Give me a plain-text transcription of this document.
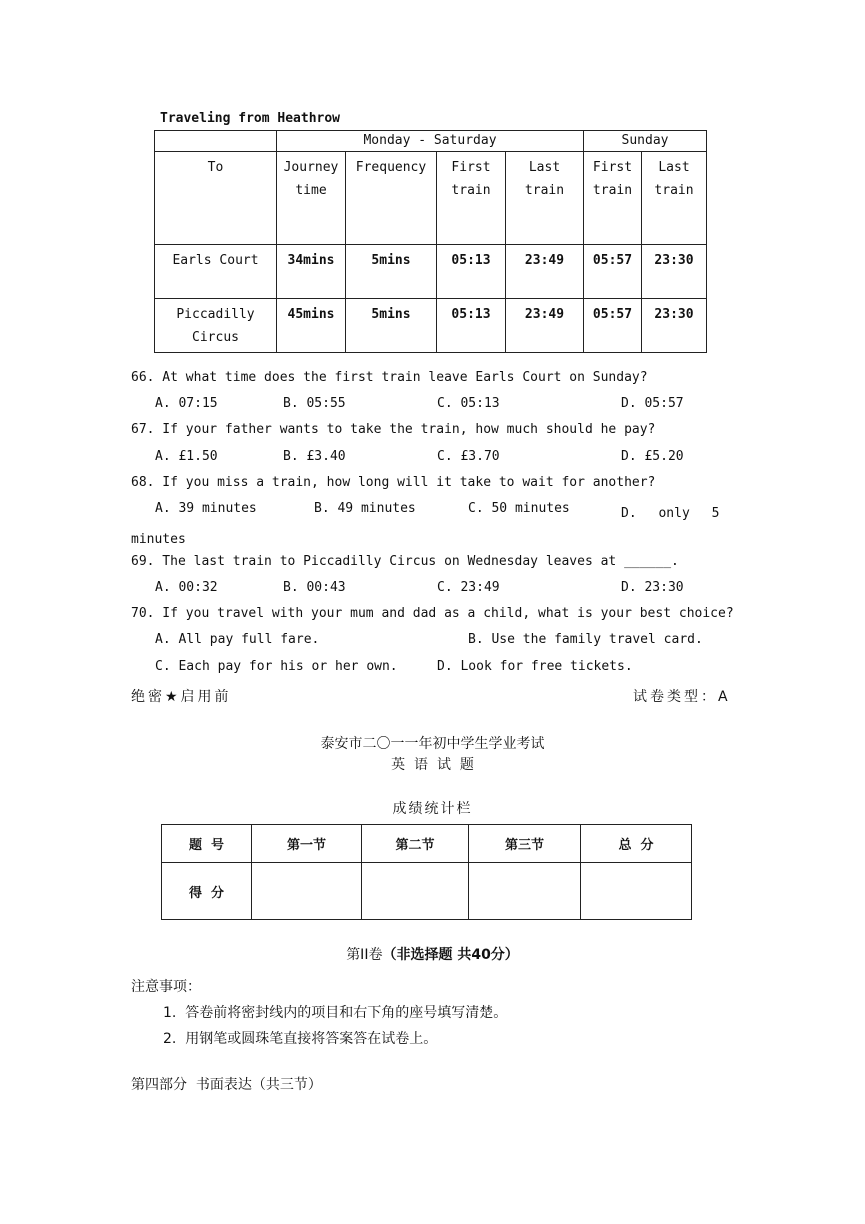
Traveling from Heathrow
	Monday - Saturday				Sunday	
To	Journey time	Frequency	First train	Last train	First train	Last train
Earls Court	34mins	5mins	05:13	23:49	05:57	23:30
Piccadilly Circus	45mins	5mins	05:13	23:49	05:57	23:30
66. At what time does the first train leave Earls Court on Sunday?
A. 07:15	B. 05:55	C. 05:13	D. 05:57
67. If your father wants to take the train, how much should he pay?
A. £1.50	B. £3.40	C. £3.70	D. £5.20
68. If you miss a train, how long will it take to wait for another?
A. 39 minutes	B. 49 minutes	C. 50 minutes	D. only 5 minutes
69. The last train to Piccadilly Circus on Wednesday leaves at ______.
A. 00:32	B. 00:43	C. 23:49	D. 23:30
70. If you travel with your mum and dad as a child, what is your best choice?
A. All pay full fare.	B. Use the family travel card.
C. Each pay for his or her own.	D. Look for free tickets.
绝密★启用前	试卷类型：A
泰安市二〇一一年初中学生学业考试
英  语  试  题
成绩统计栏
题  号	第一节	第二节	第三节	总  分
得  分				
第II卷（非选择题 共40分）
注意事项：
1.  答卷前将密封线内的项目和右下角的座号填写清楚。
2.  用钢笔或圆珠笔直接将答案答在试卷上。
第四部分  书面表达（共三节）
